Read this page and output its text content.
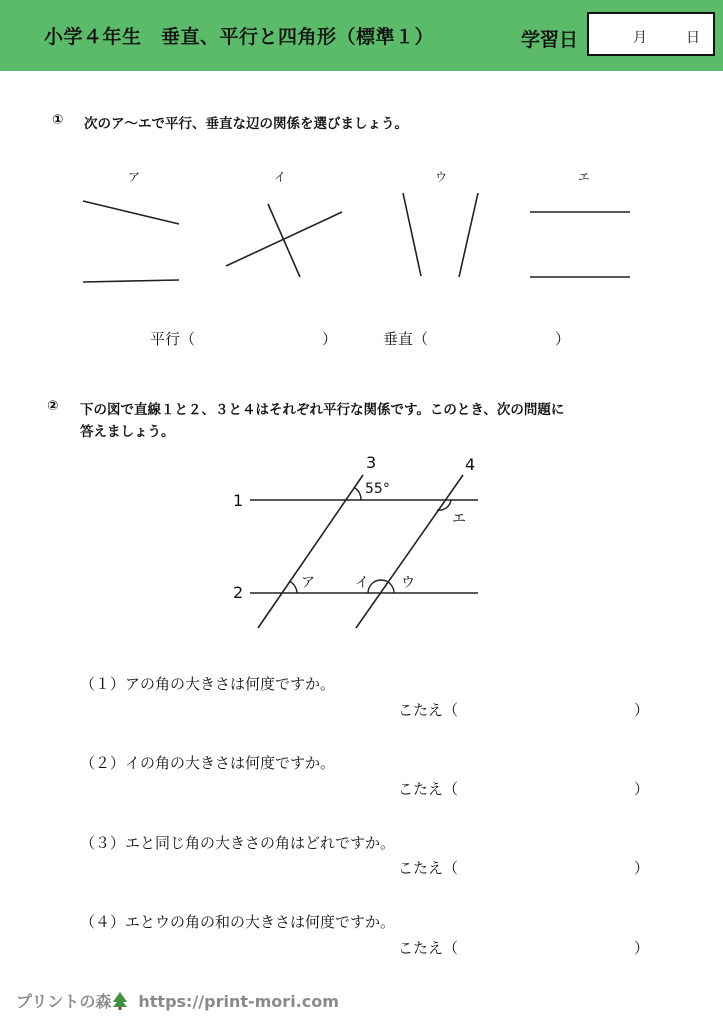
小学４年生　垂直、平行と四角形（標準１）	学習日	月	日
① 次のア～エで平行、垂直な辺の関係を選びましょう。
ア	イ	ウ	エ
平行（	）	垂直（	）
② 下の図で直線１と２、３と４はそれぞれ平行な関係です。このとき、次の問題に
答えましょう。
1
2
3	4
55°
ア	イ ウ
エ
（１）アの角の大きさは何度ですか。
こたえ（	）
（２）イの角の大きさは何度ですか。
こたえ（	）
（３）エと同じ角の大きさの角はどれですか。
こたえ（	）
（４）エとウの角の和の大きさは何度ですか。
こたえ（	）
プリントの森 https://print-mori.com
